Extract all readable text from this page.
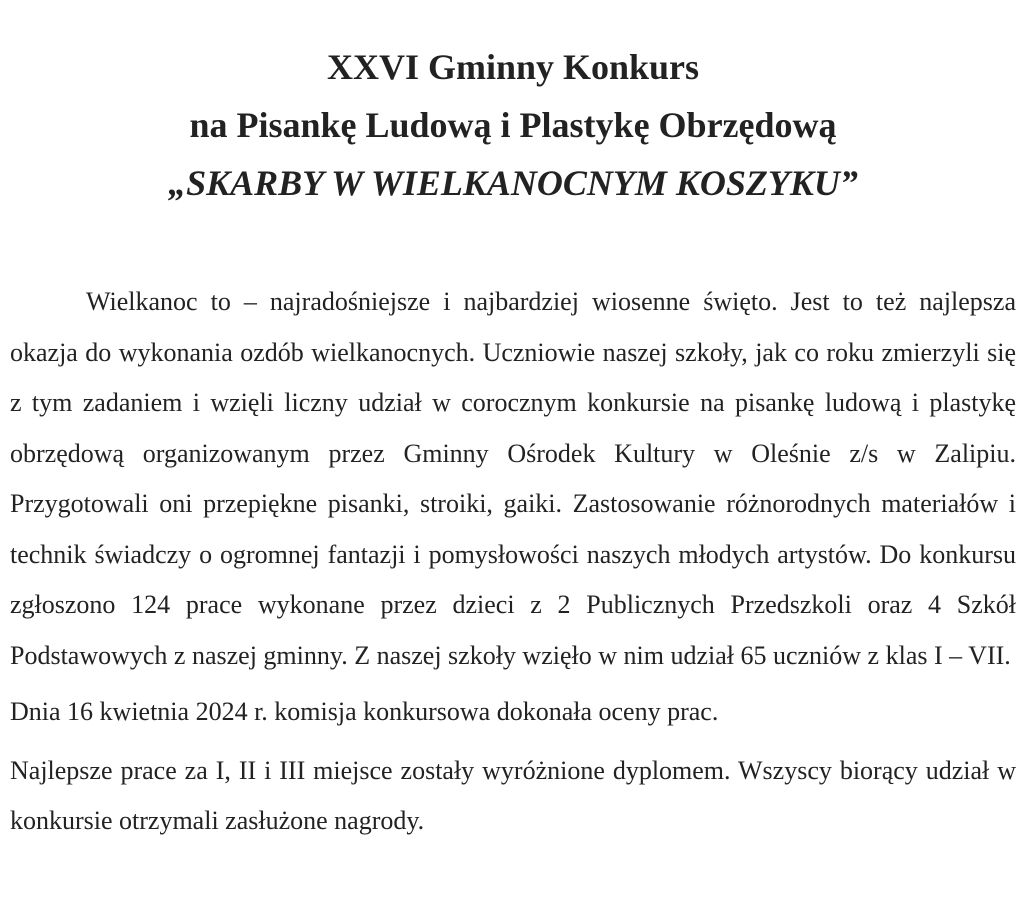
XXVI Gminny Konkurs
na Pisankę Ludową i Plastykę Obrzędową
„SKARBY W WIELKANOCNYM KOSZYKU”

Wielkanoc to – najradośniejsze i najbardziej wiosenne święto. Jest to też najlepsza okazja do wykonania ozdób wielkanocnych. Uczniowie naszej szkoły, jak co roku zmierzyli się z tym zadaniem i wzięli liczny udział w corocznym konkursie na pisankę ludową i plastykę obrzędową organizowanym przez Gminny Ośrodek Kultury w Oleśnie z/s w Zalipiu. Przygotowali oni przepiękne pisanki, stroiki, gaiki. Zastosowanie różnorodnych materiałów i technik świadczy o ogromnej fantazji i pomysłowości naszych młodych artystów. Do konkursu zgłoszono 124 prace wykonane przez dzieci z 2 Publicznych Przedszkoli oraz 4 Szkół Podstawowych z naszej gminny. Z naszej szkoły wzięło w nim udział 65 uczniów z klas I – VII.

Dnia 16 kwietnia 2024 r. komisja konkursowa dokonała oceny prac.

Najlepsze prace za I, II i III miejsce zostały wyróżnione dyplomem. Wszyscy biorący udział w konkursie otrzymali zasłużone nagrody.
